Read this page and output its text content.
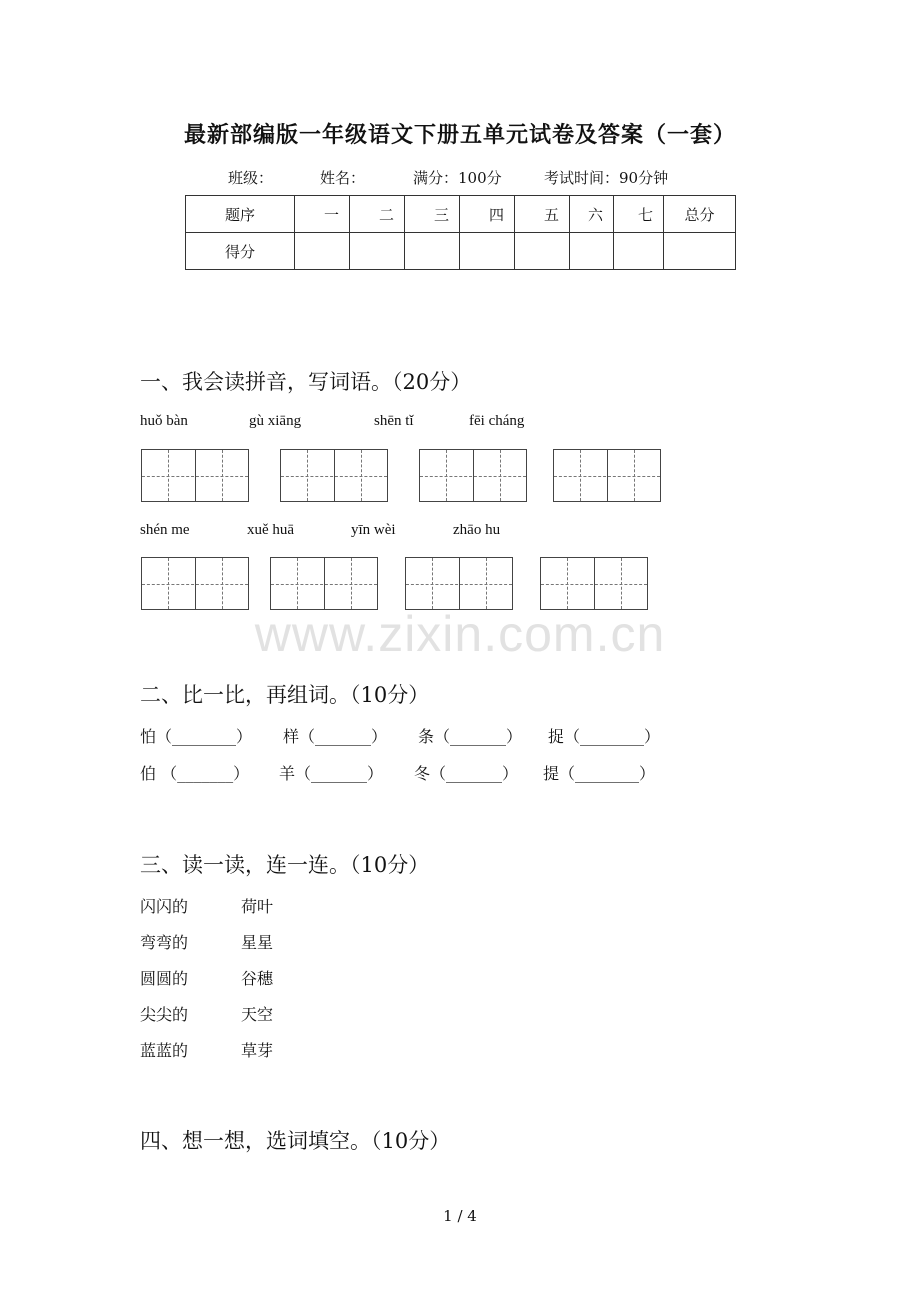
最新部编版一年级语文下册五单元试卷及答案（一套）
班级：	姓名：	满分：100分	考试时间：90分钟
题序	一	二	三	四	五	六	七	总分
得分								
一、我会读拼音，写词语。（20分）
huǒ bàn	gù xiāng	shēn tǐ	fēi cháng
shén me	xuě huā	yīn wèi	zhāo hu
www.zixin.com.cn
二、比一比，再组词。（10分）
怕（________） 样（_______） 条（_______） 捉（________）
伯 （_______） 羊（_______） 冬（_______） 提（________）
三、读一读，连一连。（10分）
闪闪的	荷叶
弯弯的	星星
圆圆的	谷穗
尖尖的	天空
蓝蓝的	草芽
四、想一想，选词填空。（10分）
1 / 4
